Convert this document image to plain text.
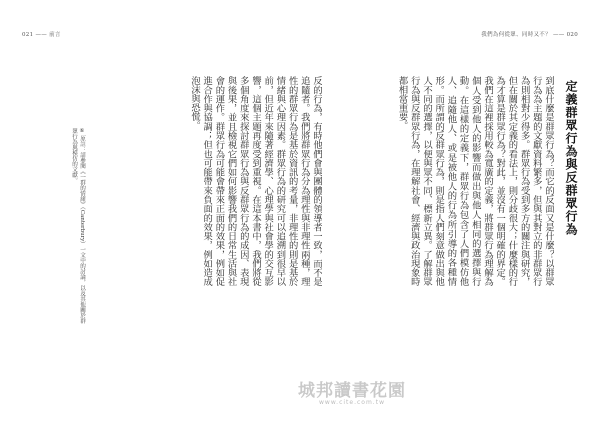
021 —— 前言	我們為何從眾、同時又不？ —— 020
定義群眾行為與反群眾行為
到底什麼是群眾行為？而它的反面又是什麼？以群眾行為為主題的文獻資料繁多，但與其對立的非群眾行為則相對少得多。群眾行為受到多方的關注與研究，但在關於其定義的看法上，則分歧很大；什麼樣的行為才算是群眾行為？對此，並沒有一個明確的界定。我們在這裡採用較為寬廣的定義，將群眾行為理解為個人受到他人的影響而做出與他人相同的選擇與行動。在這樣的定義下，群眾行為包含了人們模仿他人、追隨他人、或是被他人的行為所引導的各種情形。而所謂的反群眾行為，則是指人們刻意做出與他人不同的選擇，以便與眾不同、標新立異。了解群眾行為與反群眾行為，在理解社會、經濟與政治現象時都相當重要。
反的行為，有時他們會與團體的領導者一致，而不是追隨者。我們將群眾行為分為理性與非理性兩種，理性的群眾行為是基於資訊的考量，非理性的則是基於情緒與心理因素。群眾行為的研究可以追溯到很早以前，但近年來隨著經濟學、心理學與社會學的交互影響，這個主題再度受到重視。在這本書中，我們將從多個角度來探討群眾行為與反群眾行為的成因、表現與後果，並且檢視它們如何影響我們的日常生活與社會的運作。群眾行為可能會帶來正面的效果，例如促進合作與協調；但也可能帶來負面的效果，例如造成泡沫與恐慌。
⑥ 原註：請參閱《一群的情緒》（Canterbury）一文中的討論，以及其他關於群眾行為與模仿的文獻。
城邦讀書花園
www.cite.com.tw
